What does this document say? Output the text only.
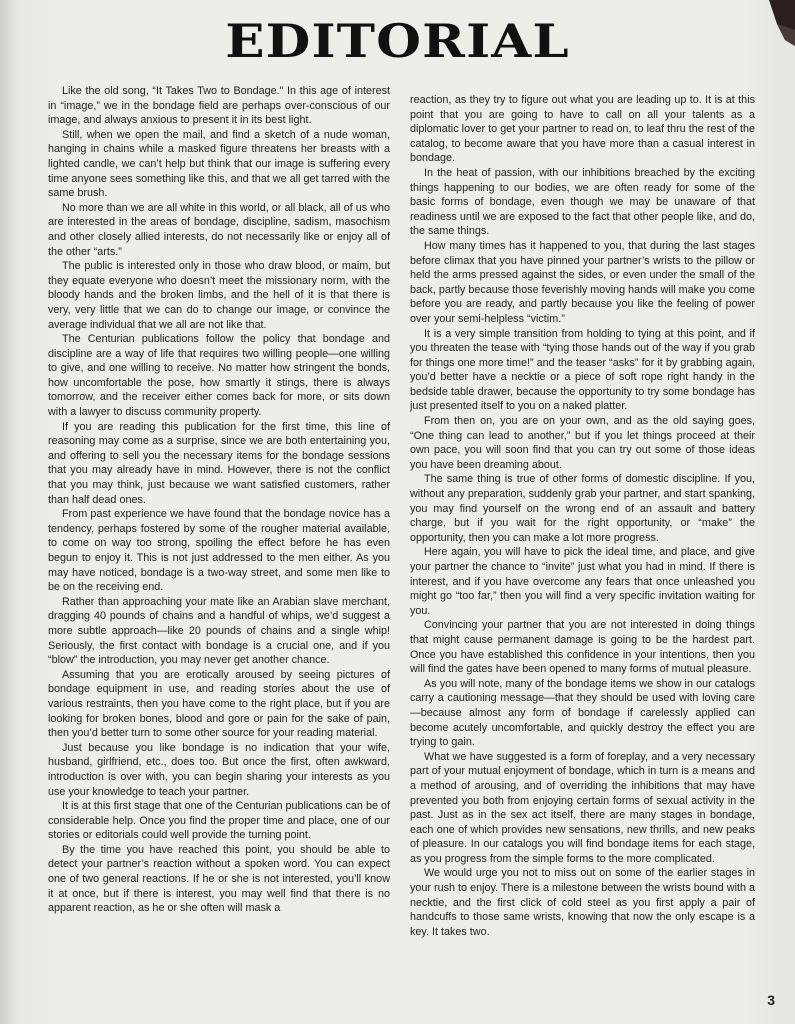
EDITORIAL

Like the old song, “It Takes Two to Bondage.” In this age of interest in “image,” we in the bondage field are perhaps over-conscious of our image, and always anxious to present it in its best light.

Still, when we open the mail, and find a sketch of a nude woman, hanging in chains while a masked figure threatens her breasts with a lighted candle, we can’t help but think that our image is suffering every time anyone sees something like this, and that we all get tarred with the same brush.

No more than we are all white in this world, or all black, all of us who are interested in the areas of bondage, discipline, sadism, masochism and other closely allied interests, do not necessarily like or enjoy all of the other “arts.”

The public is interested only in those who draw blood, or maim, but they equate everyone who doesn’t meet the missionary norm, with the bloody hands and the broken limbs, and the hell of it is that there is very, very little that we can do to change our image, or convince the average individual that we all are not like that.

The Centurian publications follow the policy that bondage and discipline are a way of life that requires two willing people—one willing to give, and one willing to receive. No matter how stringent the bonds, how uncomfortable the pose, how smartly it stings, there is always tomorrow, and the receiver either comes back for more, or sits down with a lawyer to discuss community property.

If you are reading this publication for the first time, this line of reasoning may come as a surprise, since we are both entertaining you, and offering to sell you the necessary items for the bondage sessions that you may already have in mind. However, there is not the conflict that you may think, just because we want satisfied customers, rather than half dead ones.

From past experience we have found that the bondage novice has a tendency, perhaps fostered by some of the rougher material available, to come on way too strong, spoiling the effect before he has even begun to enjoy it. This is not just addressed to the men either. As you may have noticed, bondage is a two-way street, and some men like to be on the receiving end.

Rather than approaching your mate like an Arabian slave merchant, dragging 40 pounds of chains and a handful of whips, we’d suggest a more subtle approach—like 20 pounds of chains and a single whip! Seriously, the first contact with bondage is a crucial one, and if you “blow” the introduction, you may never get another chance.

Assuming that you are erotically aroused by seeing pictures of bondage equipment in use, and reading stories about the use of various restraints, then you have come to the right place, but if you are looking for broken bones, blood and gore or pain for the sake of pain, then you’d better turn to some other source for your reading material.

Just because you like bondage is no indication that your wife, husband, girlfriend, etc., does too. But once the first, often awkward, introduction is over with, you can begin sharing your interests as you use your knowledge to teach your partner.

It is at this first stage that one of the Centurian publications can be of considerable help. Once you find the proper time and place, one of our stories or editorials could well provide the turning point.

By the time you have reached this point, you should be able to detect your partner’s reaction without a spoken word. You can expect one of two general reactions. If he or she is not interested, you’ll know it at once, but if there is interest, you may well find that there is no apparent reaction, as he or she often will mask a

reaction, as they try to figure out what you are leading up to. It is at this point that you are going to have to call on all your talents as a diplomatic lover to get your partner to read on, to leaf thru the rest of the catalog, to become aware that you have more than a casual interest in bondage.

In the heat of passion, with our inhibitions breached by the exciting things happening to our bodies, we are often ready for some of the basic forms of bondage, even though we may be unaware of that readiness until we are exposed to the fact that other people like, and do, the same things.

How many times has it happened to you, that during the last stages before climax that you have pinned your partner’s wrists to the pillow or held the arms pressed against the sides, or even under the small of the back, partly because those feverishly moving hands will make you come before you are ready, and partly because you like the feeling of power over your semi-helpless “victim.”

It is a very simple transition from holding to tying at this point, and if you threaten the tease with “tying those hands out of the way if you grab for things one more time!” and the teaser “asks” for it by grabbing again, you’d better have a necktie or a piece of soft rope right handy in the bedside table drawer, because the opportunity to try some bondage has just presented itself to you on a naked platter.

From then on, you are on your own, and as the old saying goes, “One thing can lead to another,” but if you let things proceed at their own pace, you will soon find that you can try out some of those ideas you have been dreaming about.

The same thing is true of other forms of domestic discipline. If you, without any preparation, suddenly grab your partner, and start spanking, you may find yourself on the wrong end of an assault and battery charge, but if you wait for the right opportunity, or “make” the opportunity, then you can make a lot more progress.

Here again, you will have to pick the ideal time, and place, and give your partner the chance to “invite” just what you had in mind. If there is interest, and if you have overcome any fears that once unleashed you might go “too far,” then you will find a very specific invitation waiting for you.

Convincing your partner that you are not interested in doing things that might cause permanent damage is going to be the hardest part. Once you have established this confidence in your intentions, then you will find the gates have been opened to many forms of mutual pleasure.

As you will note, many of the bondage items we show in our catalogs carry a cautioning message—that they should be used with loving care—because almost any form of bondage if carelessly applied can become acutely uncomfortable, and quickly destroy the effect you are trying to gain.

What we have suggested is a form of foreplay, and a very necessary part of your mutual enjoyment of bondage, which in turn is a means and a method of arousing, and of overriding the inhibitions that may have prevented you both from enjoying certain forms of sexual activity in the past. Just as in the sex act itself, there are many stages in bondage, each one of which provides new sensations, new thrills, and new peaks of pleasure. In our catalogs you will find bondage items for each stage, as you progress from the simple forms to the more complicated.

We would urge you not to miss out on some of the earlier stages in your rush to enjoy. There is a milestone between the wrists bound with a necktie, and the first click of cold steel as you first apply a pair of handcuffs to those same wrists, knowing that now the only escape is a key. It takes two.

3
